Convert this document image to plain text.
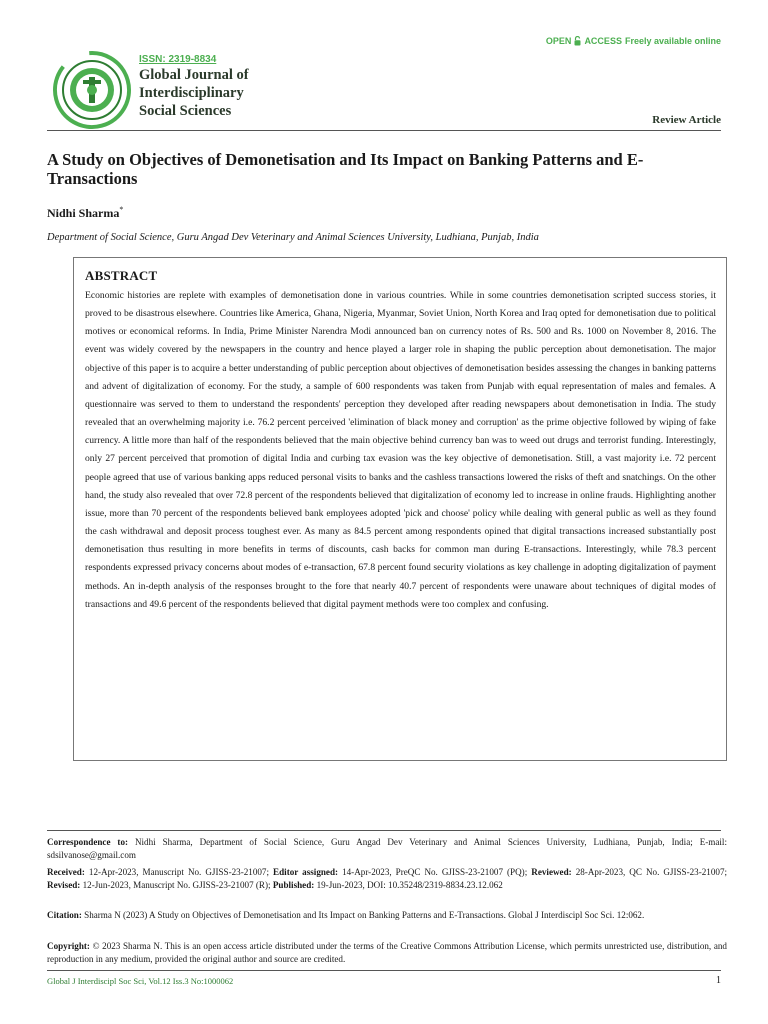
ISSN: 2319-8834
Global Journal of
Interdisciplinary
Social Sciences
OPEN ACCESS Freely available online
Review Article
A Study on Objectives of Demonetisation and Its Impact on Banking Patterns and E-Transactions
Nidhi Sharma*
Department of Social Science, Guru Angad Dev Veterinary and Animal Sciences University, Ludhiana, Punjab, India
ABSTRACT

Economic histories are replete with examples of demonetisation done in various countries. While in some countries demonetisation scripted success stories, it proved to be disastrous elsewhere. Countries like America, Ghana, Nigeria, Myanmar, Soviet Union, North Korea and Iraq opted for demonetisation due to political motives or economical reforms. In India, Prime Minister Narendra Modi announced ban on currency notes of Rs. 500 and Rs. 1000 on November 8, 2016. The event was widely covered by the newspapers in the country and hence played a larger role in shaping the public perception about demonetisation. The major objective of this paper is to acquire a better understanding of public perception about objectives of demonetisation besides assessing the changes in banking patterns and advent of digitalization of economy. For the study, a sample of 600 respondents was taken from Punjab with equal representation of males and females. A questionnaire was served to them to understand the respondents' perception they developed after reading newspapers about demonetisation in India. The study revealed that an overwhelming majority i.e. 76.2 percent perceived 'elimination of black money and corruption' as the prime objective followed by wiping of fake currency. A little more than half of the respondents believed that the main objective behind currency ban was to weed out drugs and terrorist funding. Interestingly, only 27 percent perceived that promotion of digital India and curbing tax evasion was the key objective of demonetisation. Still, a vast majority i.e. 72 percent people agreed that use of various banking apps reduced personal visits to banks and the cashless transactions lowered the risks of theft and snatchings. On the other hand, the study also revealed that over 72.8 percent of the respondents believed that digitalization of economy led to increase in online frauds. Highlighting another issue, more than 70 percent of the respondents believed bank employees adopted 'pick and choose' policy while dealing with general public as well as they found the cash withdrawal and deposit process toughest ever. As many as 84.5 percent among respondents opined that digital transactions increased substantially post demonetisation thus resulting in more benefits in terms of discounts, cash backs for common man during E-transactions. Interestingly, while 78.3 percent respondents expressed privacy concerns about modes of e-transaction, 67.8 percent found security violations as key challenge in adopting digitalization of payment methods. An in-depth analysis of the responses brought to the fore that nearly 40.7 percent of respondents were unaware about techniques of digital modes of transactions and 49.6 percent of the respondents believed that digital payment methods were too complex and confusing.

Correspondence to: Nidhi Sharma, Department of Social Science, Guru Angad Dev Veterinary and Animal Sciences University, Ludhiana, Punjab, India; E-mail: sdsilvanose@gmail.com
Received: 12-Apr-2023, Manuscript No. GJISS-23-21007; Editor assigned: 14-Apr-2023, PreQC No. GJISS-23-21007 (PQ); Reviewed: 28-Apr-2023, QC No. GJISS-23-21007; Revised: 12-Jun-2023, Manuscript No. GJISS-23-21007 (R); Published: 19-Jun-2023, DOI: 10.35248/2319-8834.23.12.062
Citation: Sharma N (2023) A Study on Objectives of Demonetisation and Its Impact on Banking Patterns and E-Transactions. Global J Interdiscipl Soc Sci. 12:062.
Copyright: © 2023 Sharma N. This is an open access article distributed under the terms of the Creative Commons Attribution License, which permits unrestricted use, distribution, and reproduction in any medium, provided the original author and source are credited.
Global J Interdiscipl Soc Sci, Vol.12 Iss.3 No:1000062	1
